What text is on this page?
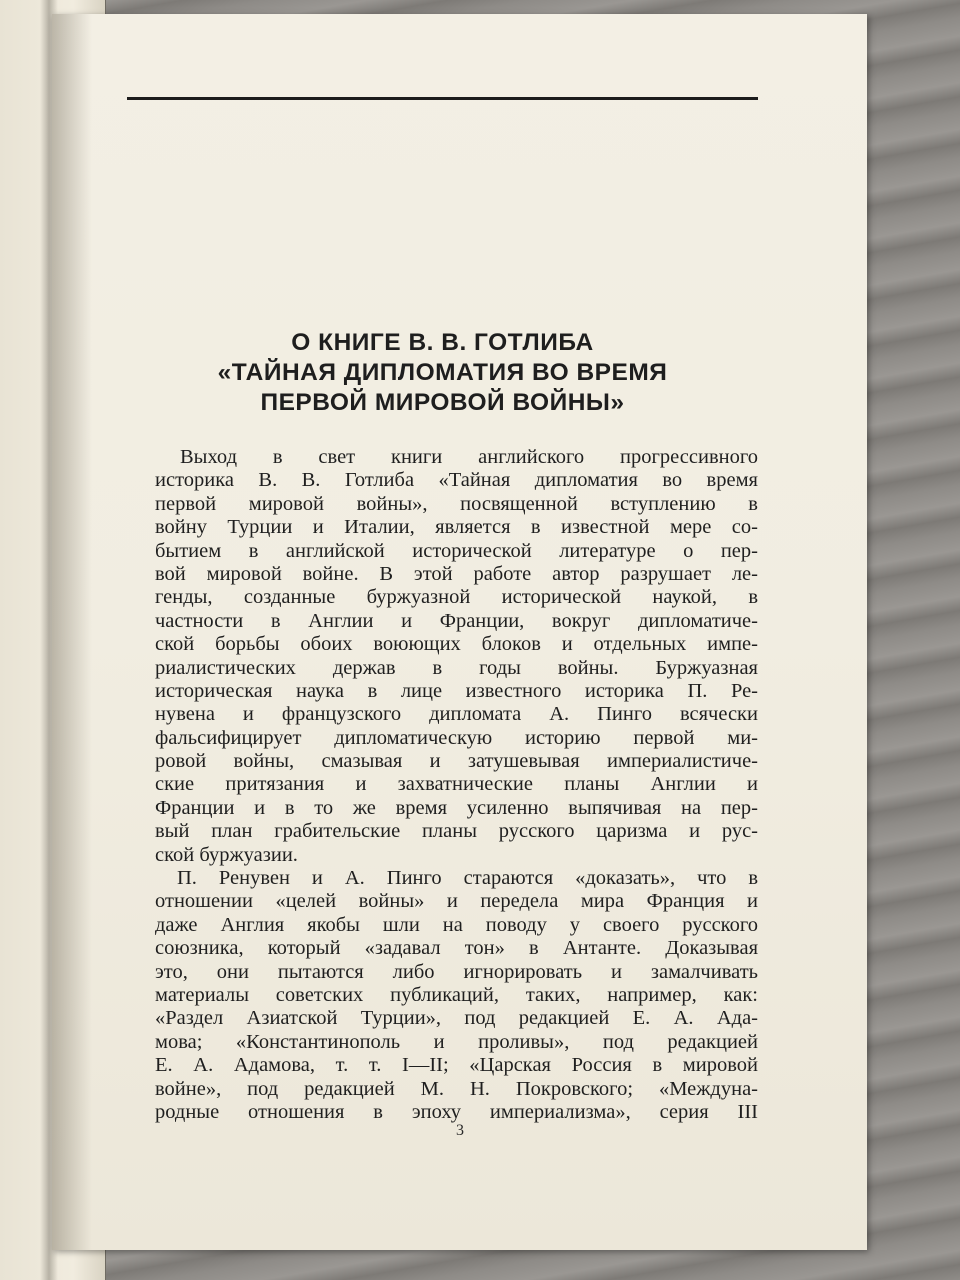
О КНИГЕ В. В. ГОТЛИБА
«ТАЙНАЯ ДИПЛОМАТИЯ ВО ВРЕМЯ
ПЕРВОЙ МИРОВОЙ ВОЙНЫ»
Выход в свет книги английского прогрессивного
историка В. В. Готлиба «Тайная дипломатия во время
первой мировой войны», посвященной вступлению в
войну Турции и Италии, является в известной мере со-
бытием в английской исторической литературе о пер-
вой мировой войне. В этой работе автор разрушает ле-
генды, созданные буржуазной исторической наукой, в
частности в Англии и Франции, вокруг дипломатиче-
ской борьбы обоих воюющих блоков и отдельных импе-
риалистических держав в годы войны. Буржуазная
историческая наука в лице известного историка П. Ре-
нувена и французского дипломата А. Пинго всячески
фальсифицирует дипломатическую историю первой ми-
ровой войны, смазывая и затушевывая империалистиче-
ские притязания и захватнические планы Англии и
Франции и в то же время усиленно выпячивая на пер-
вый план грабительские планы русского царизма и рус-
ской буржуазии.
П. Ренувен и А. Пинго стараются «доказать», что в
отношении «целей войны» и передела мира Франция и
даже Англия якобы шли на поводу у своего русского
союзника, который «задавал тон» в Антанте. Доказывая
это, они пытаются либо игнорировать и замалчивать
материалы советских публикаций, таких, например, как:
«Раздел Азиатской Турции», под редакцией Е. А. Ада-
мова; «Константинополь и проливы», под редакцией
Е. А. Адамова, т. т. I—II; «Царская Россия в мировой
войне», под редакцией М. Н. Покровского; «Междуна-
родные отношения в эпоху империализма», серия III
3
